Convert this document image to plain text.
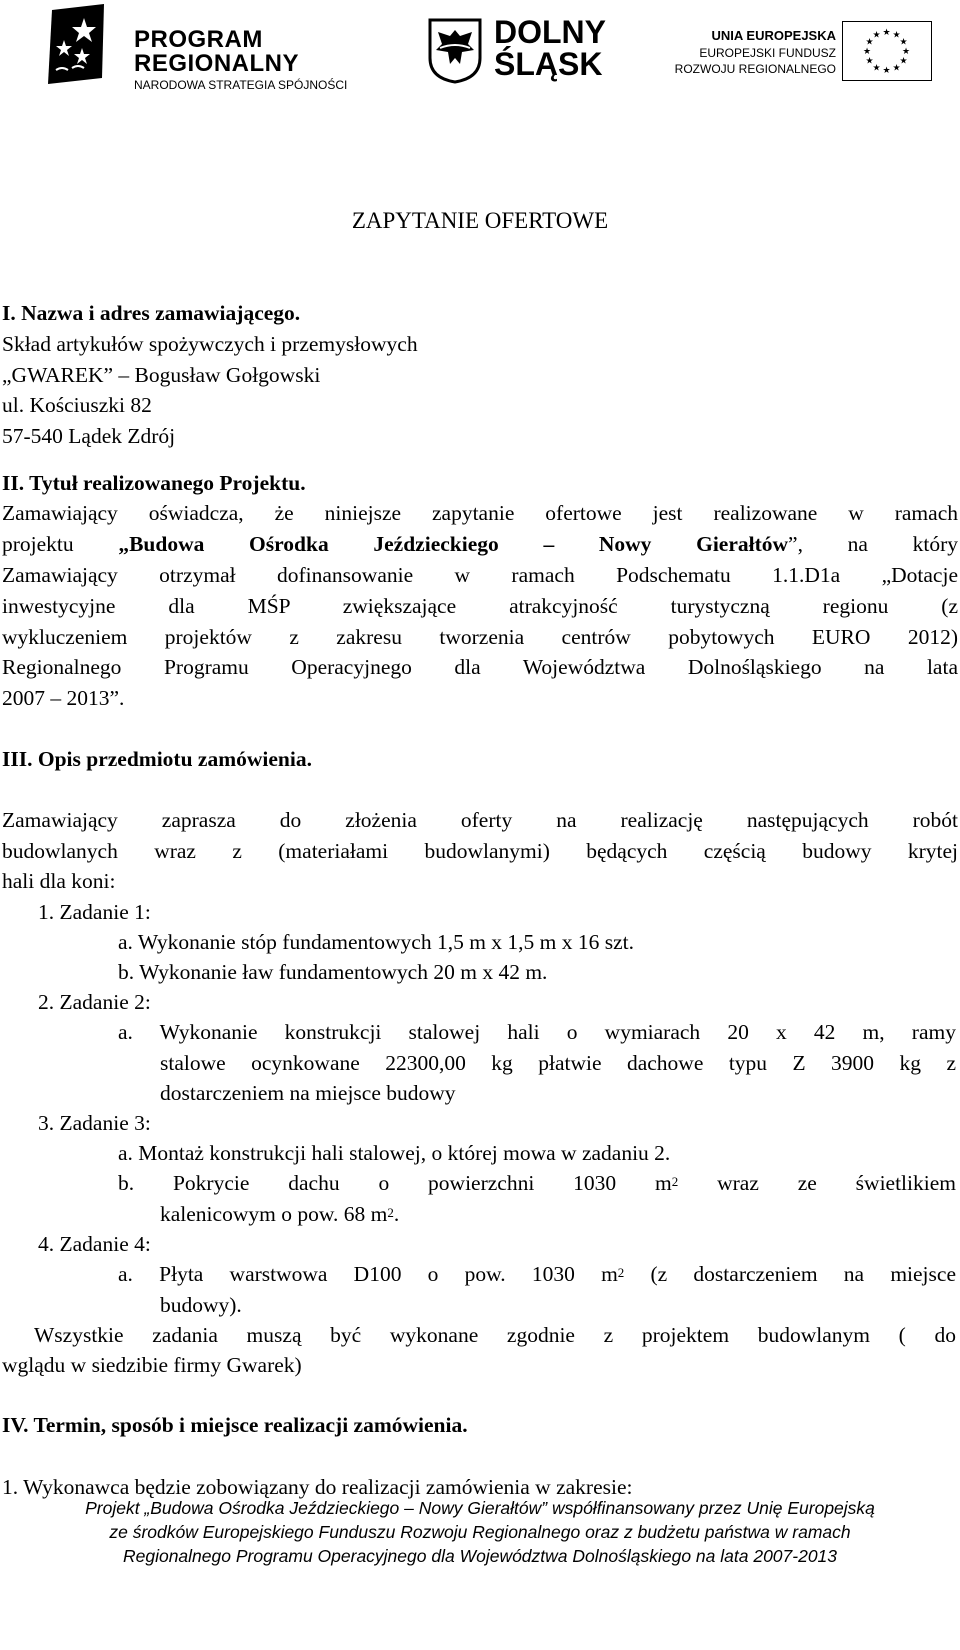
PROGRAM
REGIONALNY
NARODOWA STRATEGIA SPÓJNOŚCI
DOLNY
ŚLĄSK
UNIA EUROPEJSKA
EUROPEJSKI FUNDUSZ
ROZWOJU REGIONALNEGO
★ ★
★
★
★
★
★
★
★
★
★
★
ZAPYTANIE OFERTOWE
I. Nazwa i adres zamawiającego.
Skład artykułów spożywczych i przemysłowych
„GWAREK” – Bogusław Gołgowski
ul. Kościuszki 82
57-540 Lądek Zdrój
II. Tytuł realizowanego Projektu.
Zamawiający oświadcza, że niniejsze zapytanie ofertowe jest realizowane w ramach
projektu „Budowa Ośrodka Jeździeckiego – Nowy Gierałtów”, na który
Zamawiający otrzymał dofinansowanie w ramach Podschematu 1.1.D1a „Dotacje
inwestycyjne dla MŚP zwiększające atrakcyjność turystyczną regionu (z
wykluczeniem projektów z zakresu tworzenia centrów pobytowych EURO 2012)
Regionalnego Programu Operacyjnego dla Województwa Dolnośląskiego na lata
2007 – 2013”.
III. Opis przedmiotu zamówienia.
Zamawiający zaprasza do złożenia oferty na realizację następujących robót
budowlanych wraz z (materiałami budowlanymi) będących częścią budowy krytej
hali dla koni:
1. Zadanie 1:
a. Wykonanie stóp fundamentowych 1,5 m x 1,5 m x 16 szt.
b. Wykonanie ław fundamentowych 20 m x 42 m.
2. Zadanie 2:
a. Wykonanie konstrukcji stalowej hali o wymiarach 20 x 42 m, ramy
stalowe ocynkowane 22300,00 kg płatwie dachowe typu Z 3900 kg z
dostarczeniem na miejsce budowy
3. Zadanie 3:
a. Montaż konstrukcji hali stalowej, o której mowa w zadaniu 2.
b. Pokrycie dachu o powierzchni 1030 $m^2$ wraz ze świetlikiem
kalenicowym o pow. 68 $m^2$.
4. Zadanie 4:
a. Płyta warstwowa D100 o pow. 1030 $m^2$ (z dostarczeniem na miejsce
budowy).
Wszystkie zadania muszą być wykonane zgodnie z projektem budowlanym ( do
wglądu w siedzibie firmy Gwarek)
IV. Termin, sposób i miejsce realizacji zamówienia.
1. Wykonawca będzie zobowiązany do realizacji zamówienia w zakresie:
Projekt „Budowa Ośrodka Jeździeckiego – Nowy Gierałtów” współfinansowany przez Unię Europejską
ze środków Europejskiego Funduszu Rozwoju Regionalnego oraz z budżetu państwa w ramach
Regionalnego Programu Operacyjnego dla Województwa Dolnośląskiego na lata 2007-2013
